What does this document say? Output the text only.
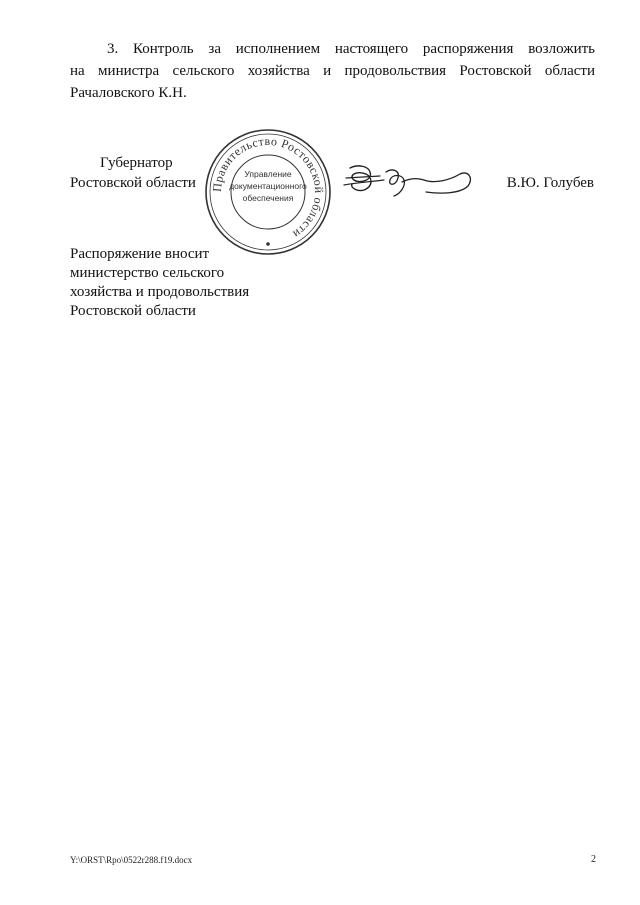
3. Контроль за исполнением настоящего распоряжения возложить
на министра сельского хозяйства и продовольствия Ростовской области
Рачаловского К.Н.
Губернатор
Ростовской области Правительство Ростовской области
Управление
документационного
обеспечения
В.Ю. Голубев
Распоряжение вносит
министерство сельского
хозяйства и продовольствия
Ростовской области
Y:\ORST\Rpo\0522r288.f19.docx	2
